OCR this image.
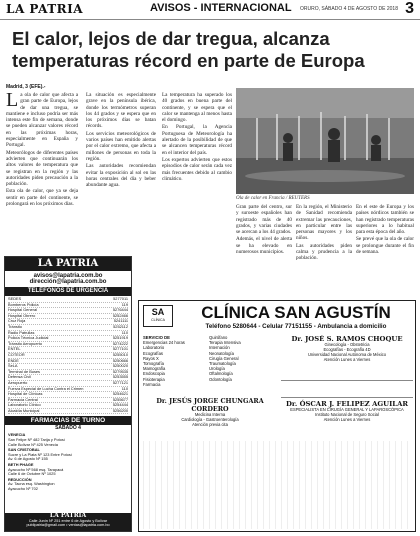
LA PATRIA	AVISOS - INTERNACIONAL ORURO, SÁBADO 4 DE AGOSTO DE 2018 3
El calor, lejos de dar tregua, alcanza temperaturas récord en parte de Europa
Madrid, 3 (EFE).-
L a ola de calor que afecta a gran parte de Europa, lejos de dar una tregua, se mantiene e incluso podría ser más intensa este fin de semana, donde se pueden alcanzar valores récord en las próximas horas, especialmente en España y Portugal.

Meteorólogos de diferentes países advierten que continuarán los altos valores de temperatura que se registran en la región y las autoridades piden precaución a la población.

Esta ola de calor, que ya se deja sentir en parte del continente, se prolongará en los próximos días.

La situación es especialmente grave en la península ibérica, donde los termómetros superan los 44 grados y se espera que en los próximos días se batan récords.

Los servicios meteorológicos de varios países han emitido alertas por el calor extremo, que afecta a millones de personas en toda la región.

Las autoridades recomiendan evitar la exposición al sol en las horas centrales del día y beber abundante agua.

La temperatura ha superado los 40 grados en buena parte del continente, y se espera que el calor se mantenga al menos hasta el domingo.

En Portugal, la Agencia Portuguesa de Meteorología ha alertado de la posibilidad de que se alcancen temperaturas récord en el interior del país.

Los expertos advierten que estos episodios de calor serán cada vez más frecuentes debido al cambio climático.

Ola de calor en Francia / REUTERS

Gran parte del centro, sur y suroeste españoles han registrado más de 40 grados, y varias ciudades se acercan a los 44 grados.

Además, el nivel de alerta se ha elevado en numerosos municipios.

En la región, el Ministerio de Sanidad recomienda extremar las precauciones, en particular entre las personas mayores y los niños.

Las autoridades piden calma y prudencia a la población.

En el este de Europa y los países nórdicos también se han registrado temperaturas superiores a lo habitual para esta época del año.

Se prevé que la ola de calor se prolongue durante el fin de semana.

LA PATRIA
avisos@lapatria.com.bo
dirección@lapatria.com.bo
TELÉFONOS DE URGENCIA
SEDES	5277011
Bomberos Policía	119
Hospital General	5276444
Hospital Obrero	5252466
Cruz Roja	5241111
Tránsito	5252112
Radio Patrullas	110
Policía Técnica Judicial	5251919
Tránsito Aeropuerto	5274222
ENTEL	5277101
COTEOR	5255010
ENDE	5250666
SeLA	5250020
Terminal de Buses	5279535
Defensa Civil	5253555
Aeropuerto	5277121
Fuerza Especial de Lucha Contra el Crimen	110
Hospital de Clínicas	5254621
Farmacia Central	5255677
Laboratorio Clínico	5254444
Alcaldía Municipal	5256200
FARMACIAS DE TURNO
SÁBADO 4
VENECIA
San Felipe Nº 482 Tarija y Potosí
Calle Bolívar Nº 425 Venecia
SAN CRISTOBAL
Sucre y La Plata Nº 123 Entre Potosí
Av. 6 de Agosto Nº 155
BETH PHAGE
Ayacucho Nº 568 esq. Tarapacá
Calle 6 de Octubre Nº 1025
REDUCCIÓN
Av. Tacna esq. Washington
Ayacucho Nº 702
LA PATRIA
Calle Junín Nº 251 entre 6 de Agosto y Bolívar
publipatria@gmail.com • ventas@lapatria.com.bo
SA
CLÍNICA	CLÍNICA SAN AGUSTÍN
Teléfono 5280644 - Celular 77151155 - Ambulancia a domicilio
SERVICIO DE
Emergencias 24 horas
Laboratorio
Ecografías
Rayos X
Tomografía
Mamografía
Endoscopia
Fisioterapia
Farmacia
Quirófano
Terapia Intensiva
Internación
Neonatología
Cirugía General
Traumatología
Urología
Oftalmología
Odontología
Dr. JOSÉ S. RAMOS CHOQUE
Ginecología - Obstetricia
Ecografías - Ecografía 4D
Universidad Nacional Autónoma de México
Atención Lunes a Viernes
Dr. JESÚS JORGE CHUNGARA CORDERO
Medicina Interna
Cardiología - Gastroenterología
Atención previa cita
Dr. ÓSCAR J. FELIPEZ AGUILAR
ESPECIALISTA EN CIRUGÍA GENERAL Y LAPAROSCÓPICA
Instituto Nacional de Seguro Social
Atención Lunes a Viernes
